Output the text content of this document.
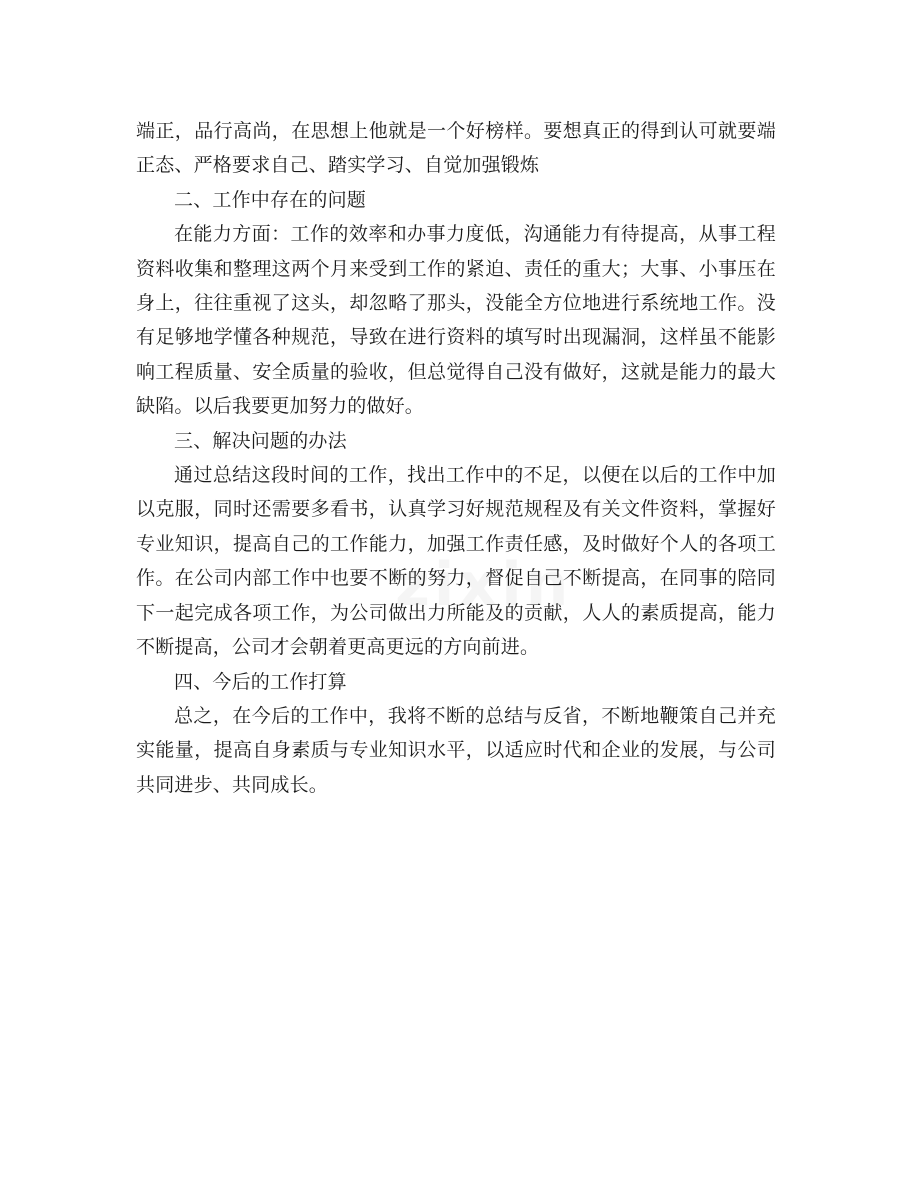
端正，品行高尚，在思想上他就是一个好榜样。要想真正的得到认可就要端正态、严格要求自己、踏实学习、自觉加强锻炼

二、工作中存在的问题

在能力方面：工作的效率和办事力度低，沟通能力有待提高，从事工程资料收集和整理这两个月来受到工作的紧迫、责任的重大；大事、小事压在身上，往往重视了这头，却忽略了那头，没能全方位地进行系统地工作。没有足够地学懂各种规范，导致在进行资料的填写时出现漏洞，这样虽不能影响工程质量、安全质量的验收，但总觉得自己没有做好，这就是能力的最大缺陷。以后我要更加努力的做好。

三、解决问题的办法

通过总结这段时间的工作，找出工作中的不足，以便在以后的工作中加以克服，同时还需要多看书，认真学习好规范规程及有关文件资料，掌握好专业知识，提高自己的工作能力，加强工作责任感，及时做好个人的各项工作。在公司内部工作中也要不断的努力，督促自己不断提高，在同事的陪同下一起完成各项工作，为公司做出力所能及的贡献，人人的素质提高，能力不断提高，公司才会朝着更高更远的方向前进。

四、今后的工作打算

总之，在今后的工作中，我将不断的总结与反省，不断地鞭策自己并充实能量，提高自身素质与专业知识水平，以适应时代和企业的发展，与公司共同进步、共同成长。
